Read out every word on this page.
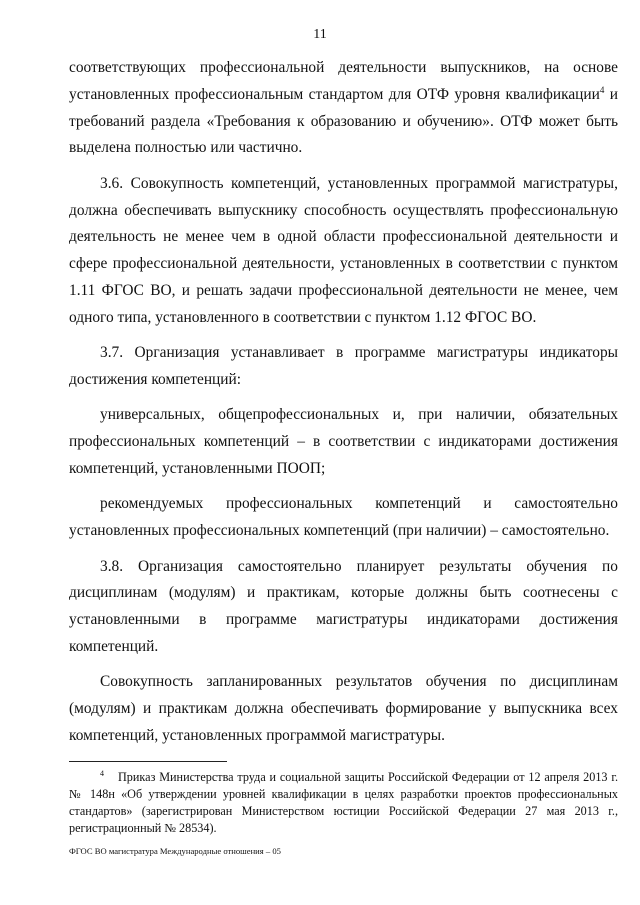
11

соответствующих профессиональной деятельности выпускников, на основе установленных профессиональным стандартом для ОТФ уровня квалификации$^4$ и требований раздела «Требования к образованию и обучению». ОТФ может быть выделена полностью или частично.

3.6. Совокупность компетенций, установленных программой магистратуры, должна обеспечивать выпускнику способность осуществлять профессиональную деятельность не менее чем в одной области профессиональной деятельности и сфере профессиональной деятельности, установленных в соответствии с пунктом 1.11 ФГОС ВО, и решать задачи профессиональной деятельности не менее, чем одного типа, установленного в соответствии с пунктом 1.12 ФГОС ВО.

3.7. Организация устанавливает в программе магистратуры индикаторы достижения компетенций:

универсальных, общепрофессиональных и, при наличии, обязательных профессиональных компетенций – в соответствии с индикаторами достижения компетенций, установленными ПООП;

рекомендуемых профессиональных компетенций и самостоятельно установленных профессиональных компетенций (при наличии) – самостоятельно.

3.8. Организация самостоятельно планирует результаты обучения по дисциплинам (модулям) и практикам, которые должны быть соотнесены с установленными в программе магистратуры индикаторами достижения компетенций.

Совокупность запланированных результатов обучения по дисциплинам (модулям) и практикам должна обеспечивать формирование у выпускника всех компетенций, установленных программой магистратуры.

$^4$ Приказ Министерства труда и социальной защиты Российской Федерации от 12 апреля 2013 г. № 148н «Об утверждении уровней квалификации в целях разработки проектов профессиональных стандартов» (зарегистрирован Министерством юстиции Российской Федерации 27 мая 2013 г., регистрационный № 28534).

ФГОС ВО магистратура Международные отношения – 05
